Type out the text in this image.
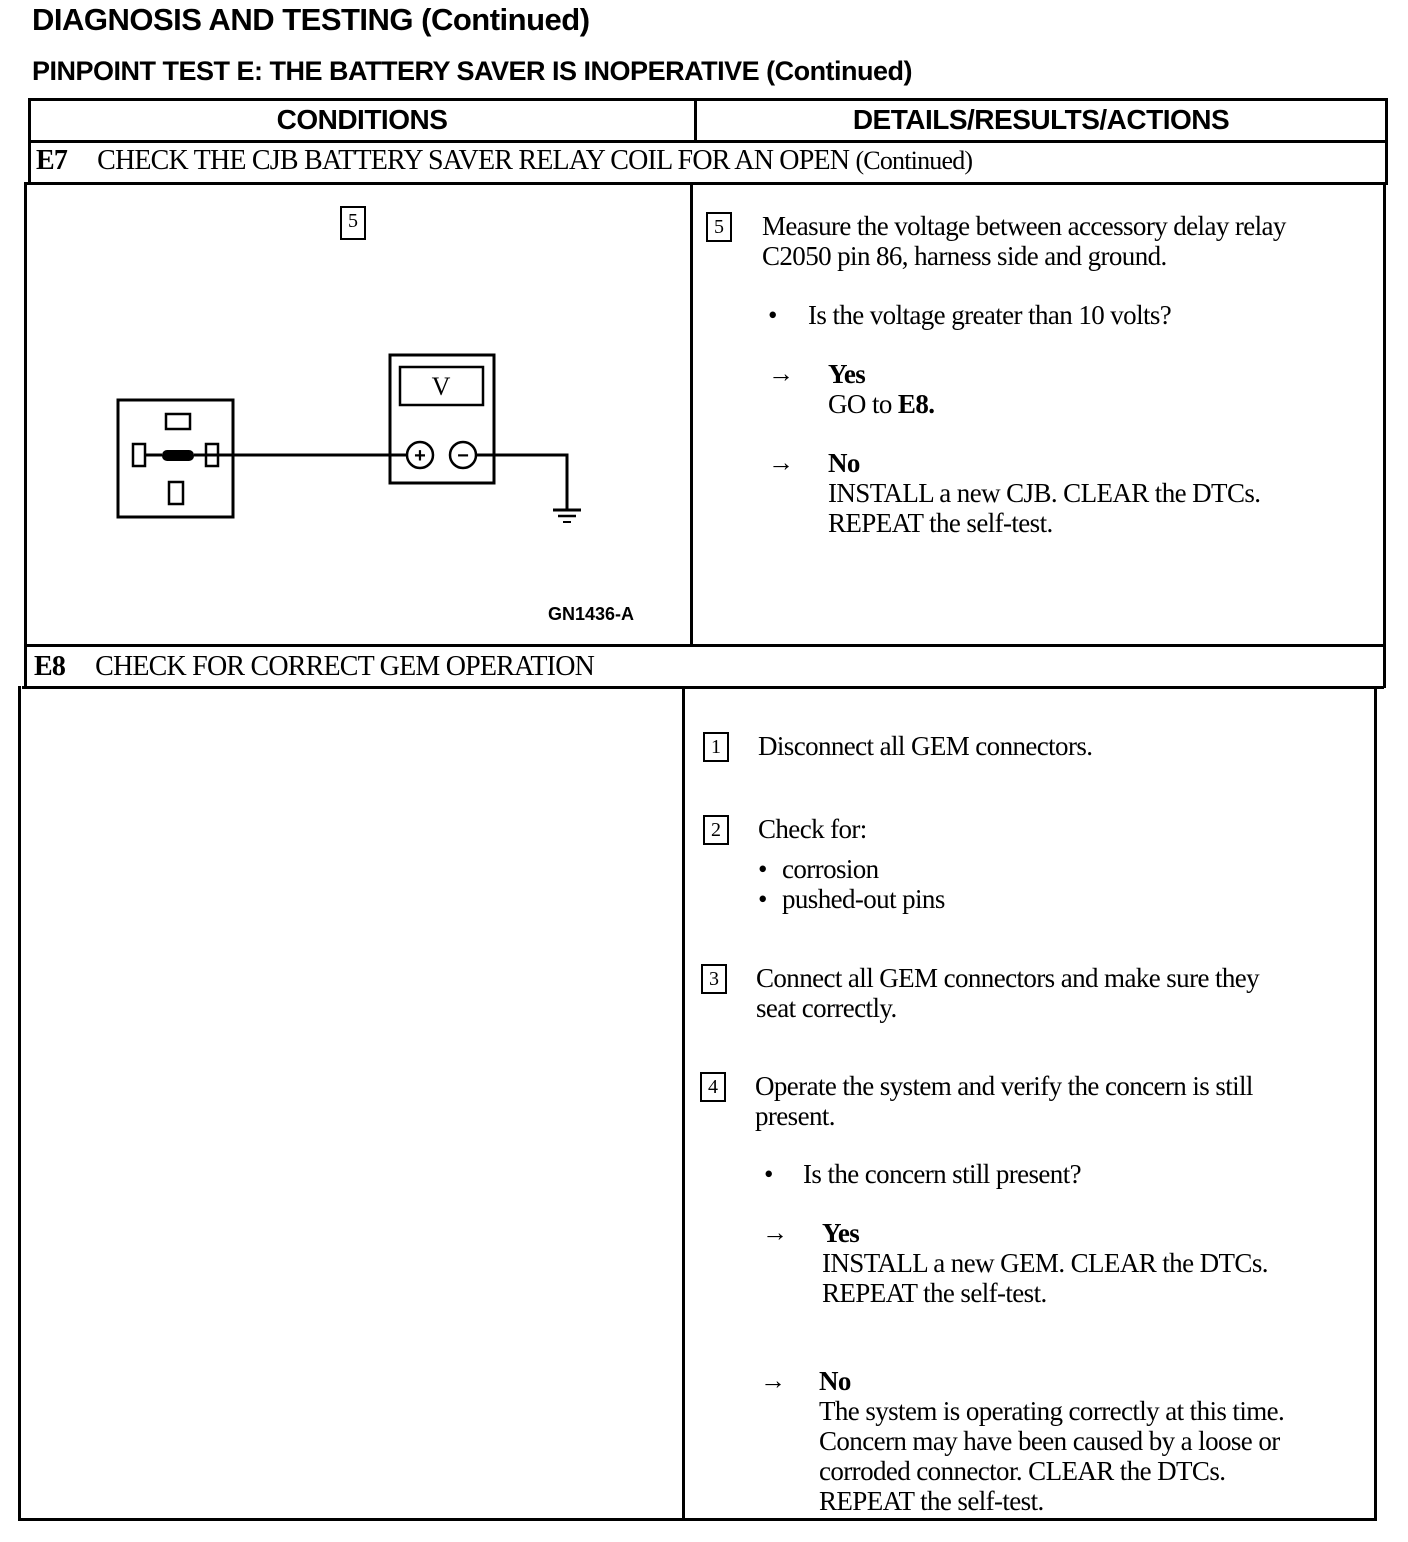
DIAGNOSIS AND TESTING (Continued)
PINPOINT TEST E: THE BATTERY SAVER IS INOPERATIVE (Continued)
CONDITIONS	DETAILS/RESULTS/ACTIONS
E7 CHECK THE CJB BATTERY SAVER RELAY COIL FOR AN OPEN (Continued)
5
V
+ −
GN1436-A
5 Measure the voltage between accessory delay relay
C2050 pin 86, harness side and ground.
• Is the voltage greater than 10 volts?
→ Yes
GO to E8.
→ No
INSTALL a new CJB. CLEAR the DTCs.
REPEAT the self-test.
E8 CHECK FOR CORRECT GEM OPERATION
1 Disconnect all GEM connectors.
2 Check for:
• corrosion
• pushed-out pins
3 Connect all GEM connectors and make sure they
seat correctly.
4 Operate the system and verify the concern is still
present.
• Is the concern still present?
→ Yes
INSTALL a new GEM. CLEAR the DTCs.
REPEAT the self-test.
→ No
The system is operating correctly at this time.
Concern may have been caused by a loose or
corroded connector. CLEAR the DTCs.
REPEAT the self-test.
